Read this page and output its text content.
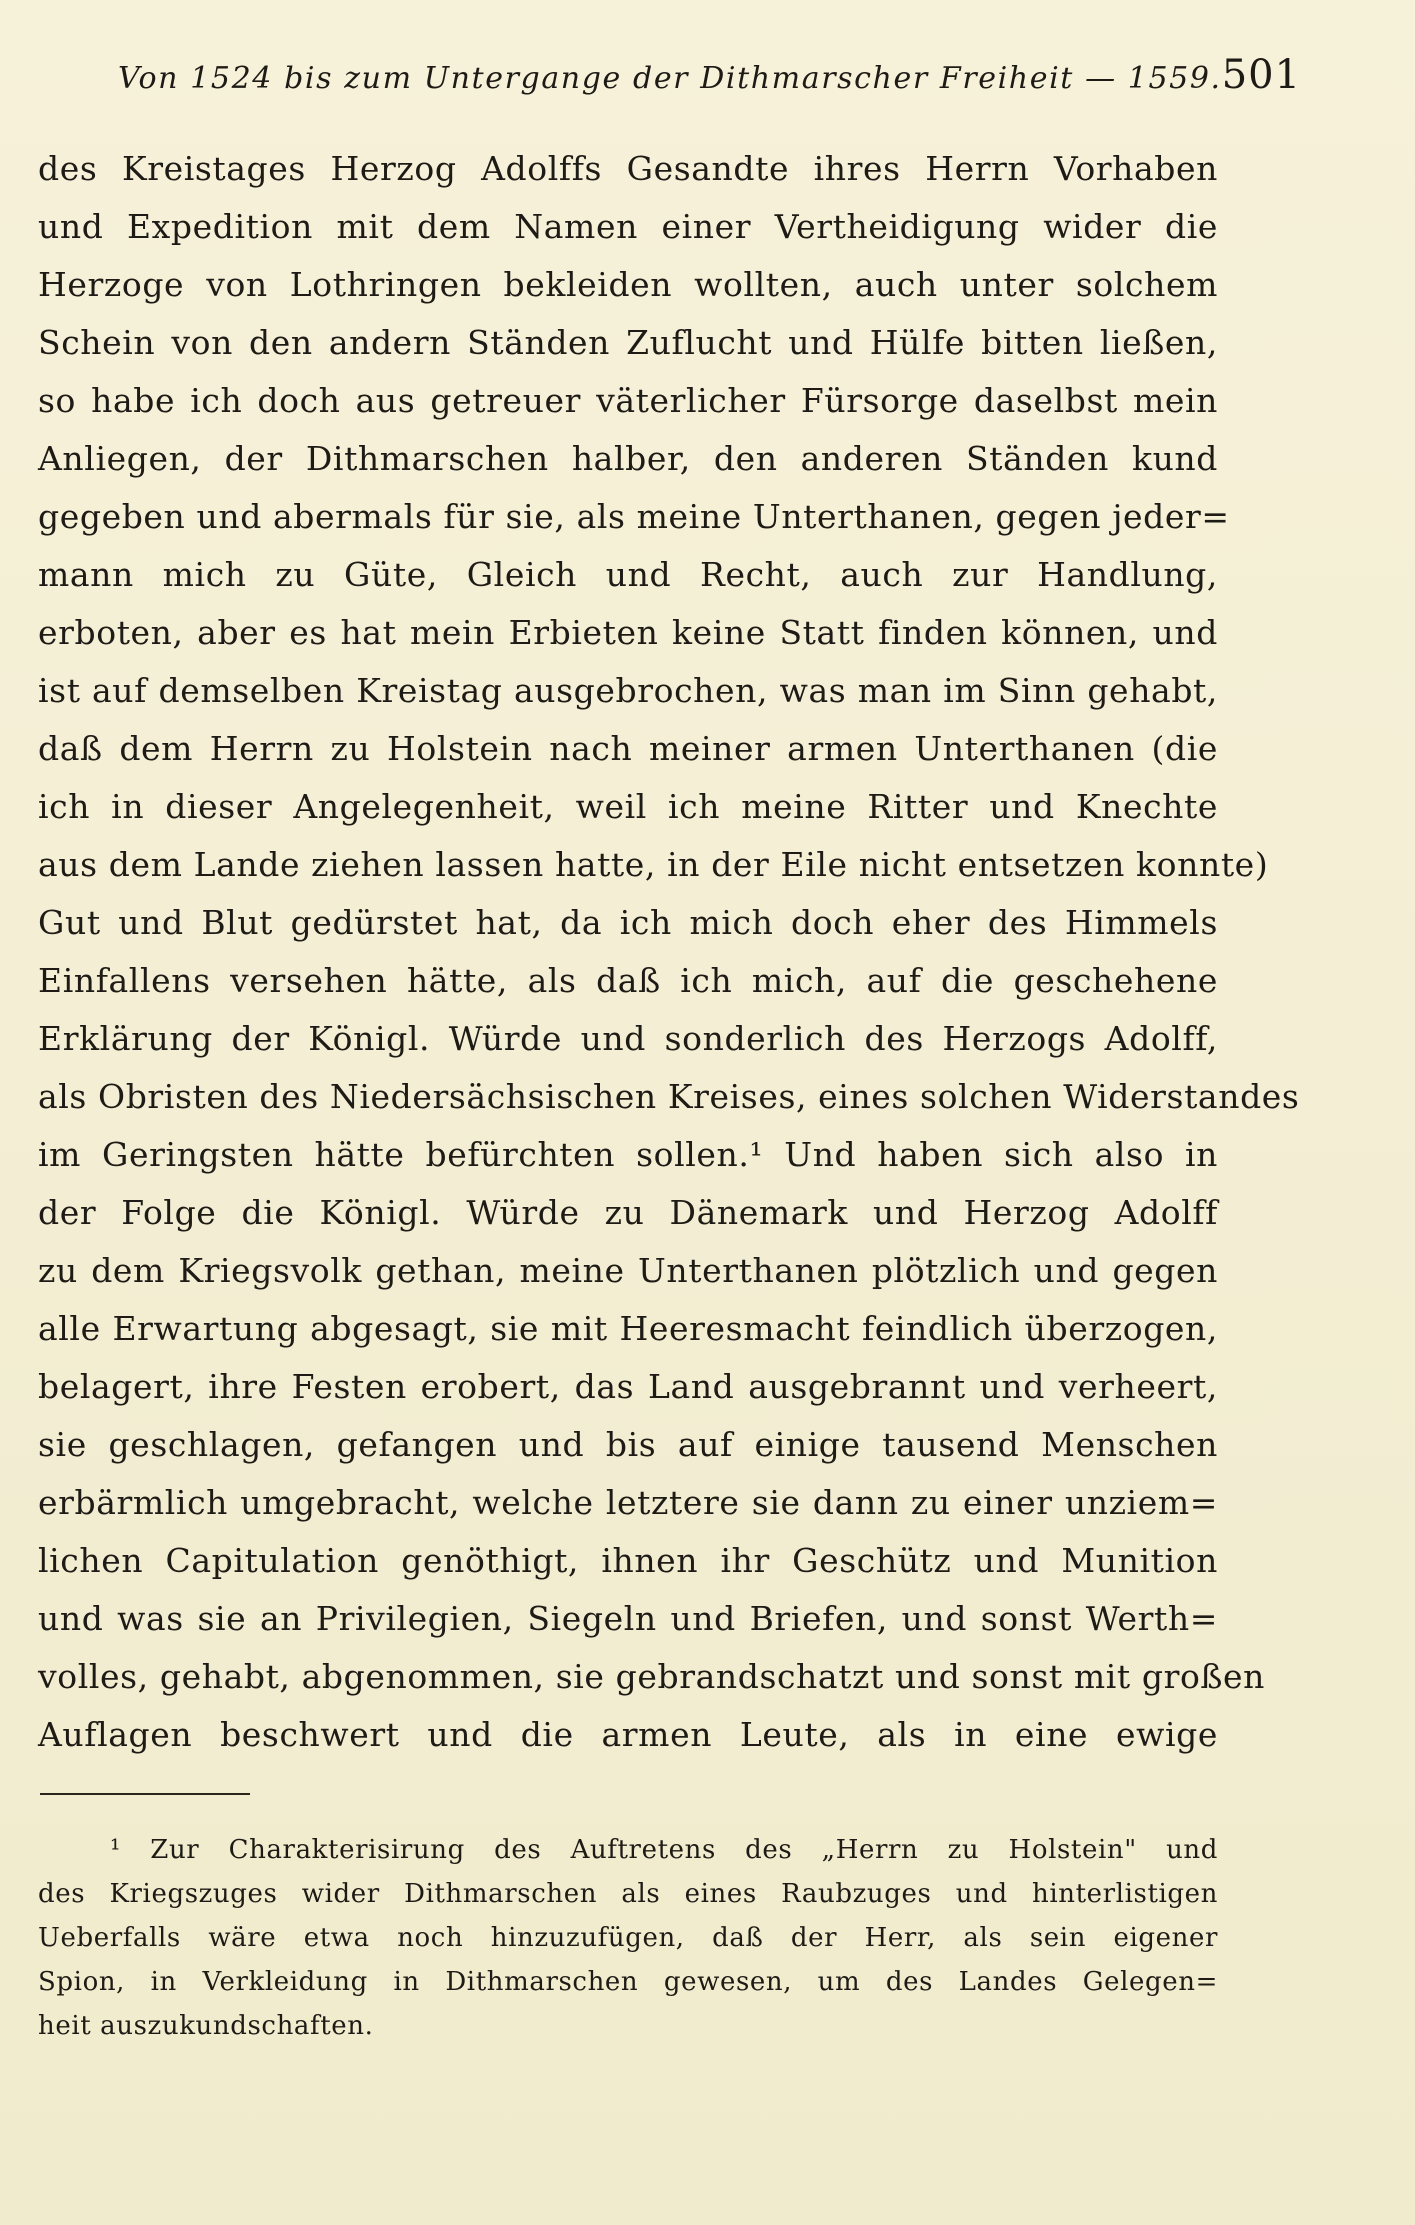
Von 1524 bis zum Untergange der Dithmarscher Freiheit — 1559. 501
des Kreistages Herzog Adolffs Gesandte ihres Herrn Vorhaben
und Expedition mit dem Namen einer Vertheidigung wider die
Herzoge von Lothringen bekleiden wollten, auch unter solchem
Schein von den andern Ständen Zuflucht und Hülfe bitten ließen,
so habe ich doch aus getreuer väterlicher Fürsorge daselbst mein
Anliegen, der Dithmarschen halber, den anderen Ständen kund
gegeben und abermals für sie, als meine Unterthanen, gegen jeder=
mann mich zu Güte, Gleich und Recht, auch zur Handlung,
erboten, aber es hat mein Erbieten keine Statt finden können, und
ist auf demselben Kreistag ausgebrochen, was man im Sinn gehabt,
daß dem Herrn zu Holstein nach meiner armen Unterthanen (die
ich in dieser Angelegenheit, weil ich meine Ritter und Knechte
aus dem Lande ziehen lassen hatte, in der Eile nicht entsetzen konnte)
Gut und Blut gedürstet hat, da ich mich doch eher des Himmels
Einfallens versehen hätte, als daß ich mich, auf die geschehene
Erklärung der Königl. Würde und sonderlich des Herzogs Adolff,
als Obristen des Niedersächsischen Kreises, eines solchen Widerstandes
im Geringsten hätte befürchten sollen.¹ Und haben sich also in
der Folge die Königl. Würde zu Dänemark und Herzog Adolff
zu dem Kriegsvolk gethan, meine Unterthanen plötzlich und gegen
alle Erwartung abgesagt, sie mit Heeresmacht feindlich überzogen,
belagert, ihre Festen erobert, das Land ausgebrannt und verheert,
sie geschlagen, gefangen und bis auf einige tausend Menschen
erbärmlich umgebracht, welche letztere sie dann zu einer unziem=
lichen Capitulation genöthigt, ihnen ihr Geschütz und Munition
und was sie an Privilegien, Siegeln und Briefen, und sonst Werth=
volles, gehabt, abgenommen, sie gebrandschatzt und sonst mit großen
Auflagen beschwert und die armen Leute, als in eine ewige
¹ Zur Charakterisirung des Auftretens des „Herrn zu Holstein" und
des Kriegszuges wider Dithmarschen als eines Raubzuges und hinterlistigen
Ueberfalls wäre etwa noch hinzuzufügen, daß der Herr, als sein eigener
Spion, in Verkleidung in Dithmarschen gewesen, um des Landes Gelegen=
heit auszukundschaften.
